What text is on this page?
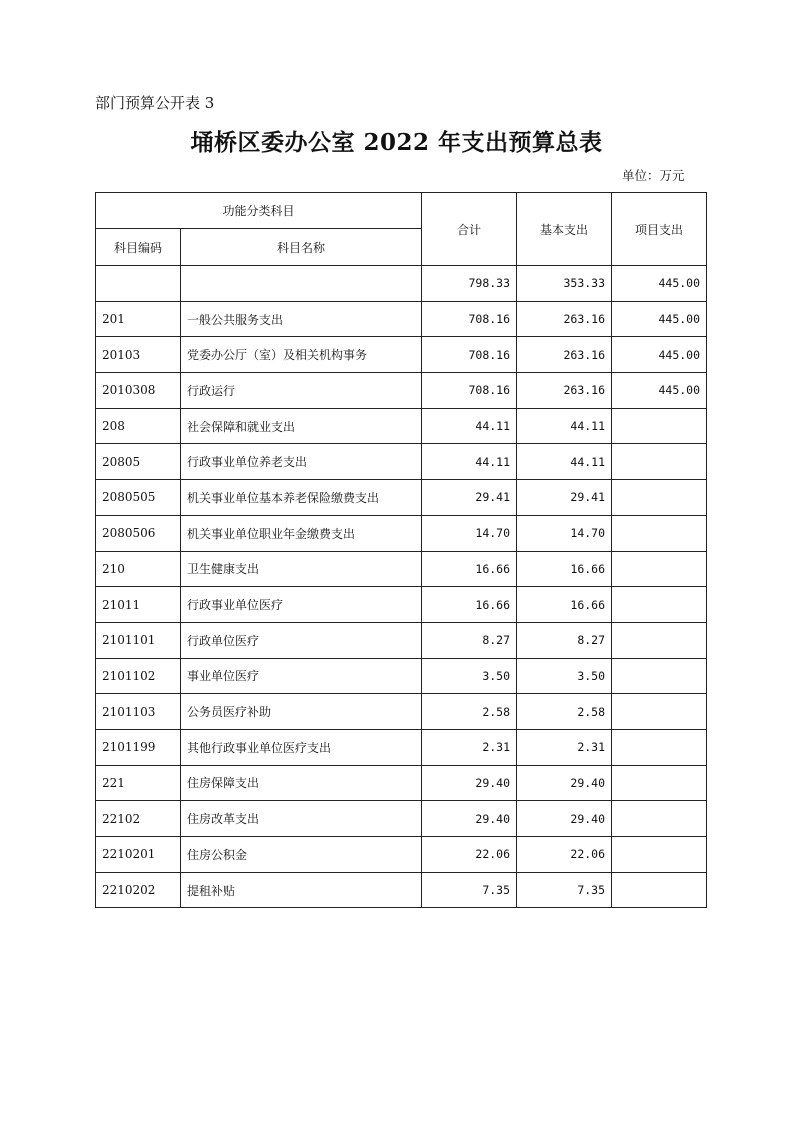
部门预算公开表 3
埇桥区委办公室 2022 年支出预算总表
单位：万元
功能分类科目		合计	基本支出	项目支出
科目编码	科目名称			
		798.33	353.33	445.00
201	一般公共服务支出	708.16	263.16	445.00
20103	党委办公厅（室）及相关机构事务	708.16	263.16	445.00
2010308	行政运行	708.16	263.16	445.00
208	社会保障和就业支出	44.11	44.11	
20805	行政事业单位养老支出	44.11	44.11	
2080505	机关事业单位基本养老保险缴费支出	29.41	29.41	
2080506	机关事业单位职业年金缴费支出	14.70	14.70	
210	卫生健康支出	16.66	16.66	
21011	行政事业单位医疗	16.66	16.66	
2101101	行政单位医疗	8.27	8.27	
2101102	事业单位医疗	3.50	3.50	
2101103	公务员医疗补助	2.58	2.58	
2101199	其他行政事业单位医疗支出	2.31	2.31	
221	住房保障支出	29.40	29.40	
22102	住房改革支出	29.40	29.40	
2210201	住房公积金	22.06	22.06	
2210202	提租补贴	7.35	7.35	
